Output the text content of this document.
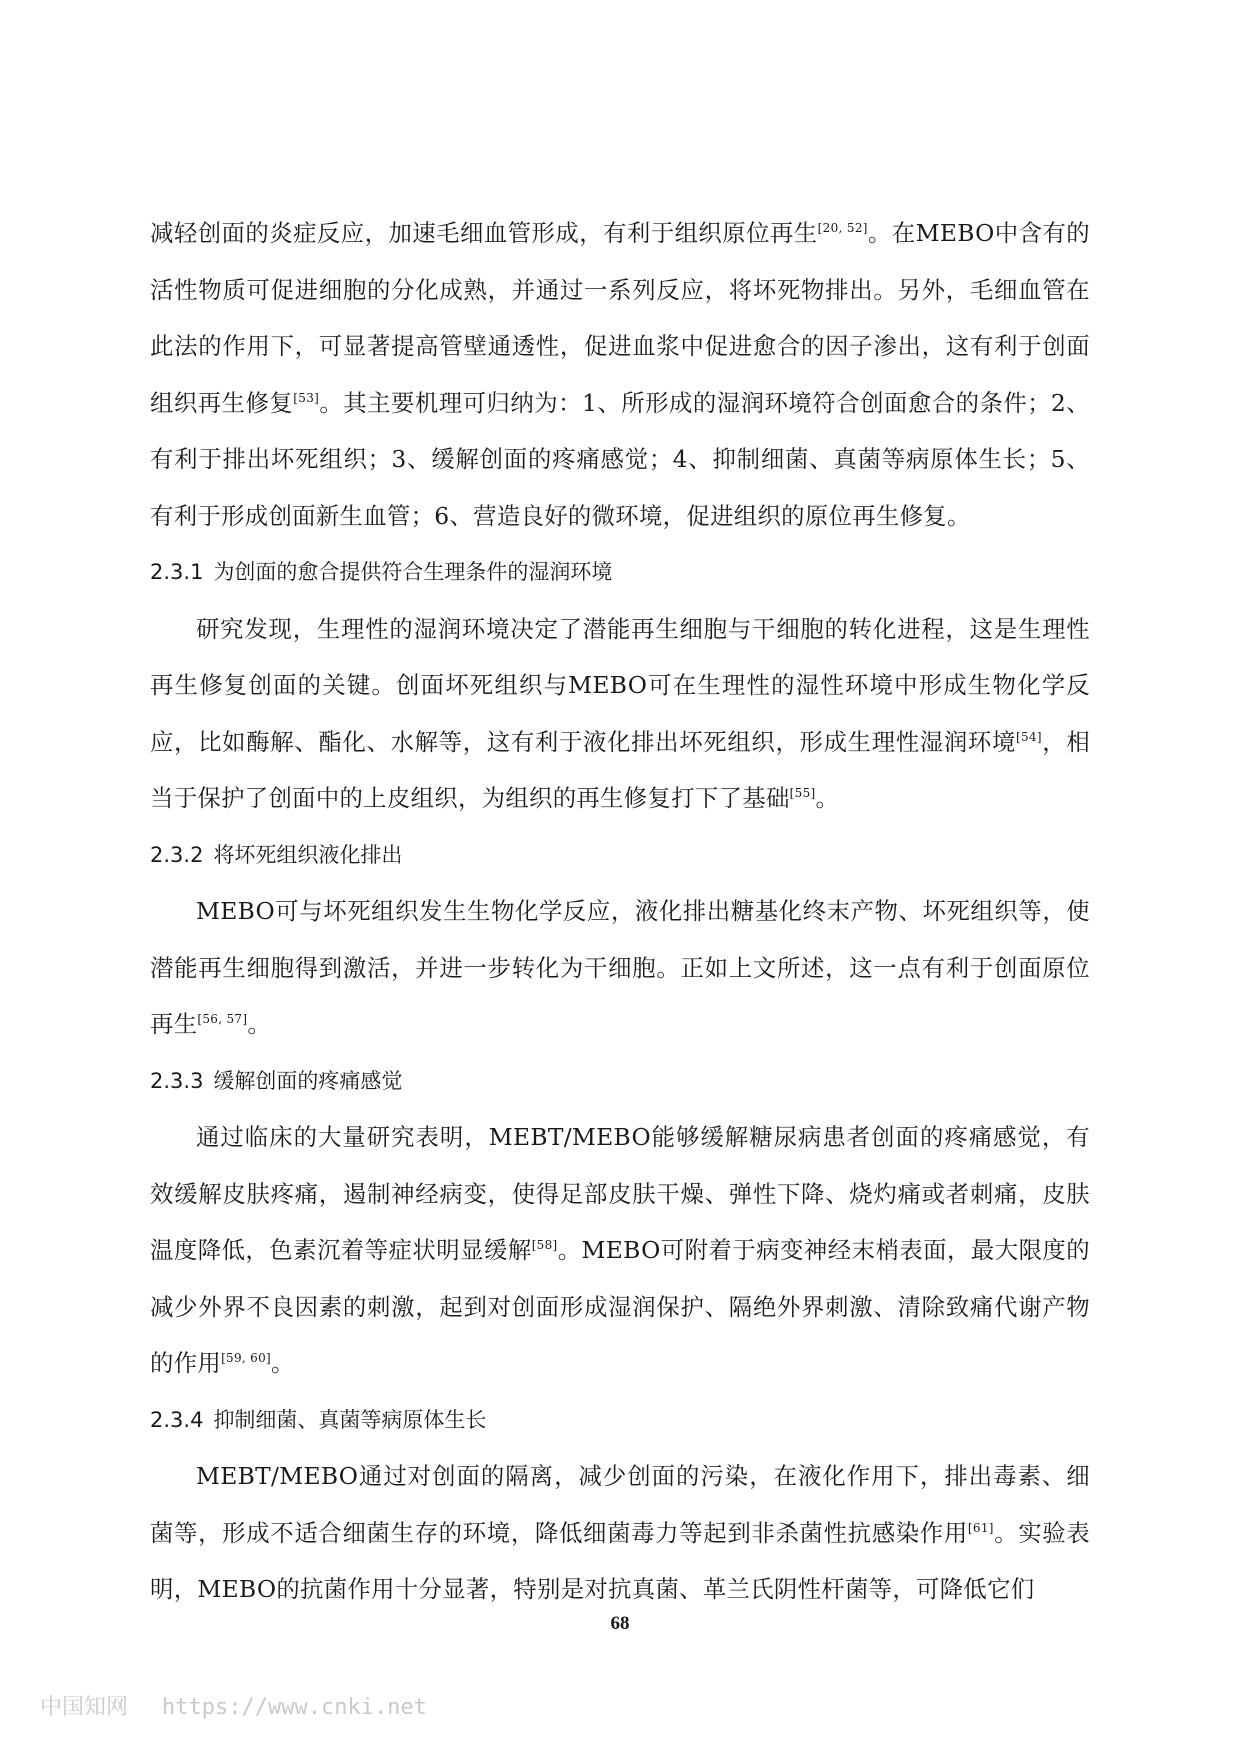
减轻创面的炎症反应，加速毛细血管形成，有利于组织原位再生[20, 52]。在MEBO中含有的活性物质可促进细胞的分化成熟，并通过一系列反应，将坏死物排出。另外，毛细血管在此法的作用下，可显著提高管壁通透性，促进血浆中促进愈合的因子渗出，这有利于创面组织再生修复[53]。其主要机理可归纳为：1、所形成的湿润环境符合创面愈合的条件；2、有利于排出坏死组织；3、缓解创面的疼痛感觉；4、抑制细菌、真菌等病原体生长；5、有利于形成创面新生血管；6、营造良好的微环境，促进组织的原位再生修复。

2.3.1 为创面的愈合提供符合生理条件的湿润环境

研究发现，生理性的湿润环境决定了潜能再生细胞与干细胞的转化进程，这是生理性再生修复创面的关键。创面坏死组织与MEBO可在生理性的湿性环境中形成生物化学反应，比如酶解、酯化、水解等，这有利于液化排出坏死组织，形成生理性湿润环境[54]，相当于保护了创面中的上皮组织，为组织的再生修复打下了基础[55]。

2.3.2 将坏死组织液化排出

MEBO可与坏死组织发生生物化学反应，液化排出糖基化终末产物、坏死组织等，使潜能再生细胞得到激活，并进一步转化为干细胞。正如上文所述，这一点有利于创面原位再生[56, 57]。

2.3.3 缓解创面的疼痛感觉

通过临床的大量研究表明，MEBT/MEBO能够缓解糖尿病患者创面的疼痛感觉，有效缓解皮肤疼痛，遏制神经病变，使得足部皮肤干燥、弹性下降、烧灼痛或者刺痛，皮肤温度降低，色素沉着等症状明显缓解[58]。MEBO可附着于病变神经末梢表面，最大限度的减少外界不良因素的刺激，起到对创面形成湿润保护、隔绝外界刺激、清除致痛代谢产物的作用[59, 60]。

2.3.4 抑制细菌、真菌等病原体生长

MEBT/MEBO通过对创面的隔离，减少创面的污染，在液化作用下，排出毒素、细菌等，形成不适合细菌生存的环境，降低细菌毒力等起到非杀菌性抗感染作用[61]。实验表明，MEBO的抗菌作用十分显著，特别是对抗真菌、革兰氏阴性杆菌等，可降低它们

68
中国知网 https://www.cnki.net
